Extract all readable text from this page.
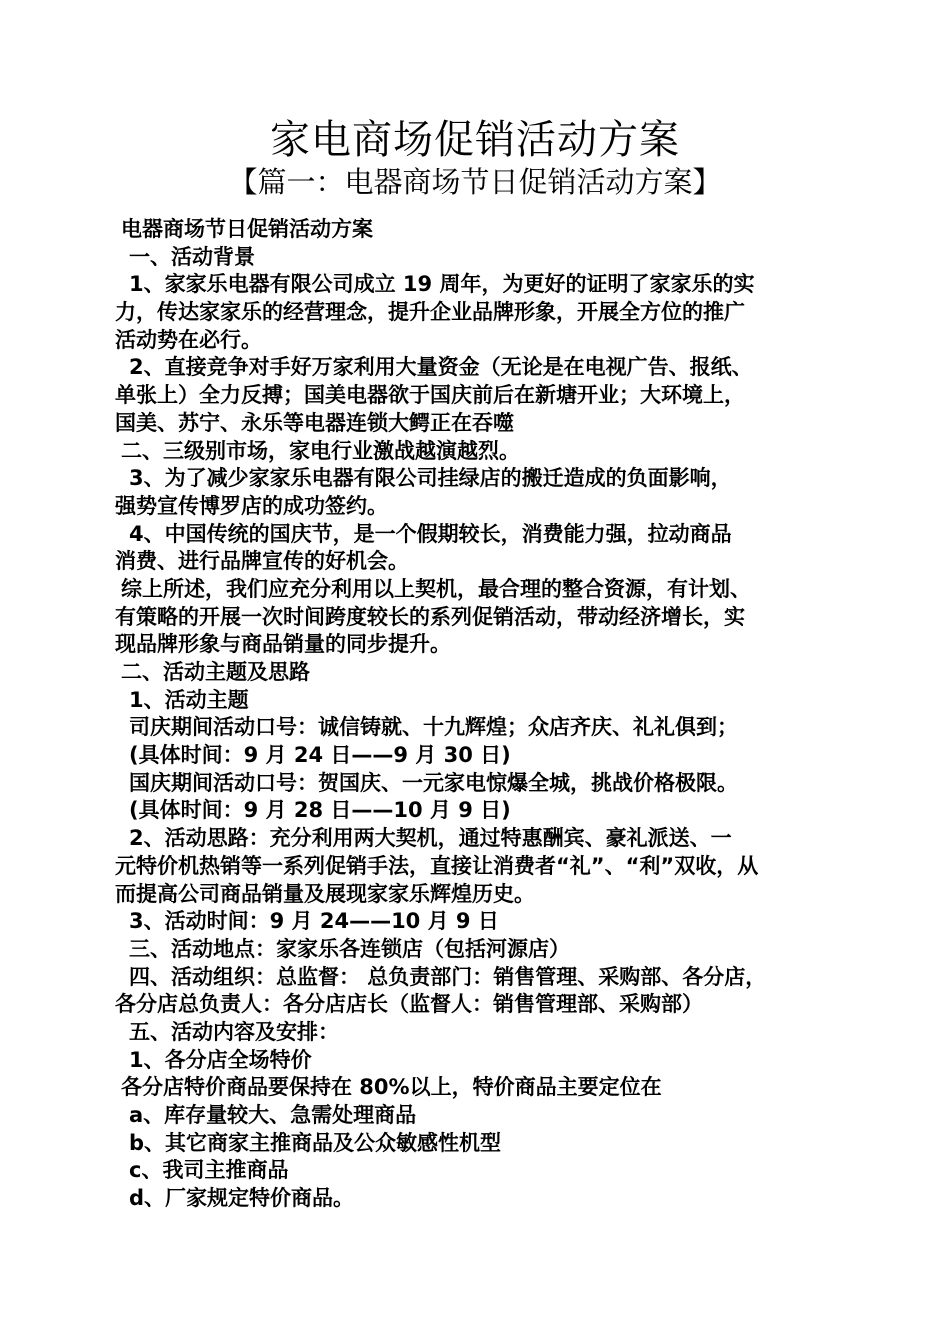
家电商场促销活动方案
【篇一：电器商场节日促销活动方案】
电器商场节日促销活动方案
一、活动背景
1、家家乐电器有限公司成立 19 周年，为更好的证明了家家乐的实
力，传达家家乐的经营理念，提升企业品牌形象，开展全方位的推广
活动势在必行。
2、直接竞争对手好万家利用大量资金（无论是在电视广告、报纸、
单张上）全力反搏；国美电器欲于国庆前后在新塘开业；大环境上，
国美、苏宁、永乐等电器连锁大鳄正在吞噬
二、三级别市场，家电行业激战越演越烈。
3、为了减少家家乐电器有限公司挂绿店的搬迁造成的负面影响，
强势宣传博罗店的成功签约。
4、中国传统的国庆节，是一个假期较长，消费能力强，拉动商品
消费、进行品牌宣传的好机会。
综上所述，我们应充分利用以上契机，最合理的整合资源，有计划、
有策略的开展一次时间跨度较长的系列促销活动，带动经济增长，实
现品牌形象与商品销量的同步提升。
二、活动主题及思路
1、活动主题
司庆期间活动口号：诚信铸就、十九辉煌；众店齐庆、礼礼俱到；
(具体时间：9 月 24 日——9 月 30 日)
国庆期间活动口号：贺国庆、一元家电惊爆全城，挑战价格极限。
(具体时间：9 月 28 日——10 月 9 日)
2、活动思路：充分利用两大契机，通过特惠酬宾、豪礼派送、一
元特价机热销等一系列促销手法，直接让消费者“礼”、“利”双收，从
而提高公司商品销量及展现家家乐辉煌历史。
3、活动时间：9 月 24——10 月 9 日
三、活动地点：家家乐各连锁店（包括河源店）
四、活动组织：总监督： 总负责部门：销售管理、采购部、各分店，
各分店总负责人：各分店店长（监督人：销售管理部、采购部）
五、活动内容及安排：
1、各分店全场特价
各分店特价商品要保持在 80%以上，特价商品主要定位在
a、库存量较大、急需处理商品
b、其它商家主推商品及公众敏感性机型
c、我司主推商品
d、厂家规定特价商品。
